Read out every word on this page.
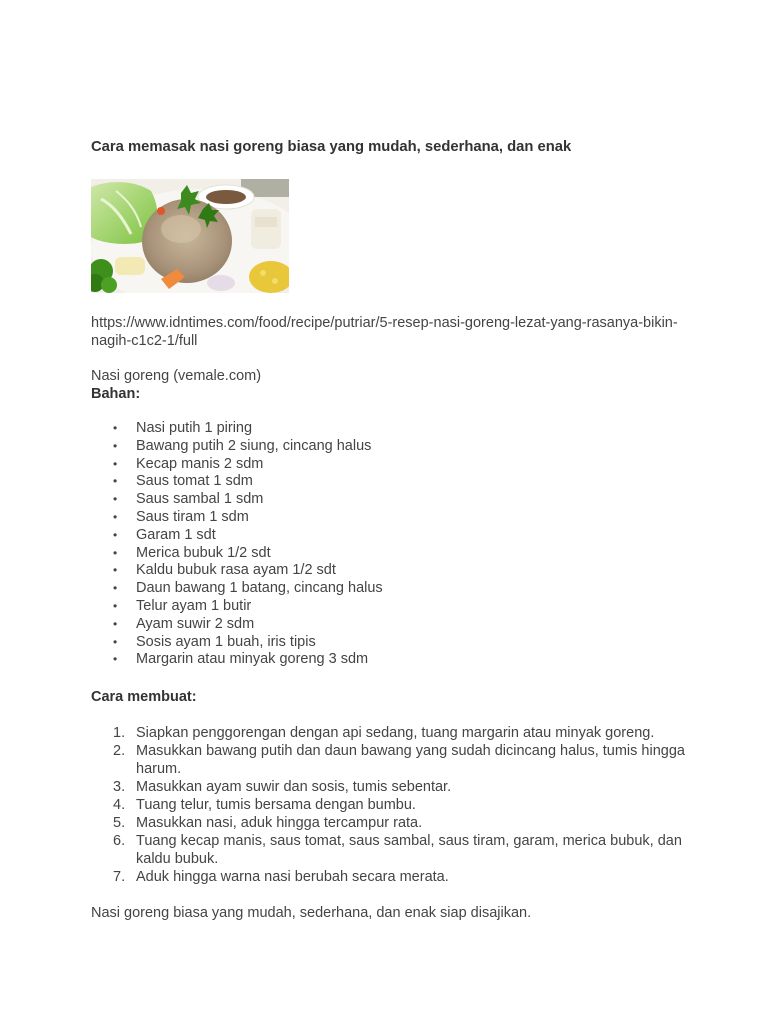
Cara memasak nasi goreng biasa yang mudah, sederhana, dan enak

https://www.idntimes.com/food/recipe/putriar/5-resep-nasi-goreng-lezat-yang-rasanya-bikin-nagih-c1c2-1/full

Nasi goreng (vemale.com)

Bahan:

• Nasi putih 1 piring
• Bawang putih 2 siung, cincang halus
• Kecap manis 2 sdm
• Saus tomat 1 sdm
• Saus sambal 1 sdm
• Saus tiram 1 sdm
• Garam 1 sdt
• Merica bubuk 1/2 sdt
• Kaldu bubuk rasa ayam 1/2 sdt
• Daun bawang 1 batang, cincang halus
• Telur ayam 1 butir
• Ayam suwir 2 sdm
• Sosis ayam 1 buah, iris tipis
• Margarin atau minyak goreng 3 sdm

Cara membuat:

1. Siapkan penggorengan dengan api sedang, tuang margarin atau minyak goreng.
2. Masukkan bawang putih dan daun bawang yang sudah dicincang halus, tumis hingga harum.
3. Masukkan ayam suwir dan sosis, tumis sebentar.
4. Tuang telur, tumis bersama dengan bumbu.
5. Masukkan nasi, aduk hingga tercampur rata.
6. Tuang kecap manis, saus tomat, saus sambal, saus tiram, garam, merica bubuk, dan kaldu bubuk.
7. Aduk hingga warna nasi berubah secara merata.

Nasi goreng biasa yang mudah, sederhana, dan enak siap disajikan.
